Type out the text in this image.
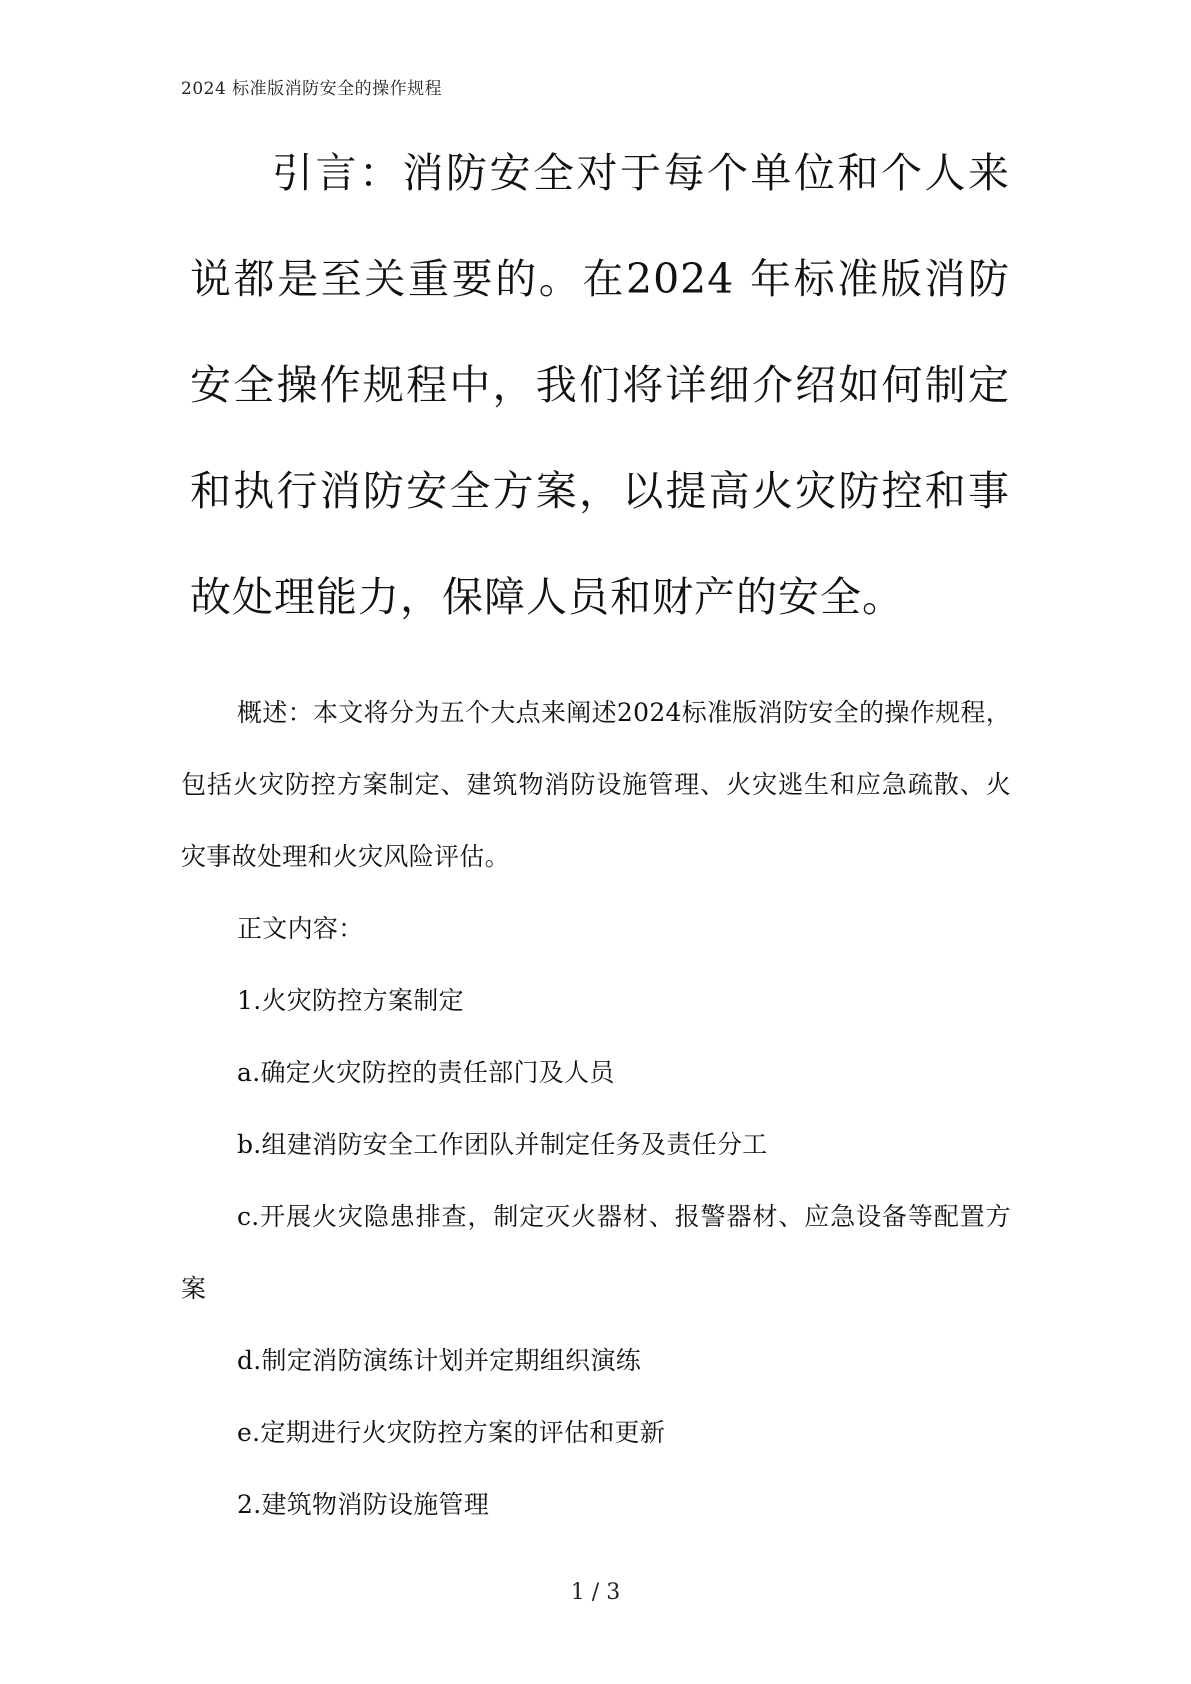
2024 标准版消防安全的操作规程

引言：消防安全对于每个单位和个人来说都是至关重要的。在2024 年标准版消防安全操作规程中，我们将详细介绍如何制定和执行消防安全方案，以提高火灾防控和事故处理能力，保障人员和财产的安全。

概述：本文将分为五个大点来阐述2024标准版消防安全的操作规程，包括火灾防控方案制定、建筑物消防设施管理、火灾逃生和应急疏散、火灾事故处理和火灾风险评估。

正文内容：

1.火灾防控方案制定

a.确定火灾防控的责任部门及人员

b.组建消防安全工作团队并制定任务及责任分工

c.开展火灾隐患排查，制定灭火器材、报警器材、应急设备等配置方案

d.制定消防演练计划并定期组织演练

e.定期进行火灾防控方案的评估和更新

2.建筑物消防设施管理

1 / 3
